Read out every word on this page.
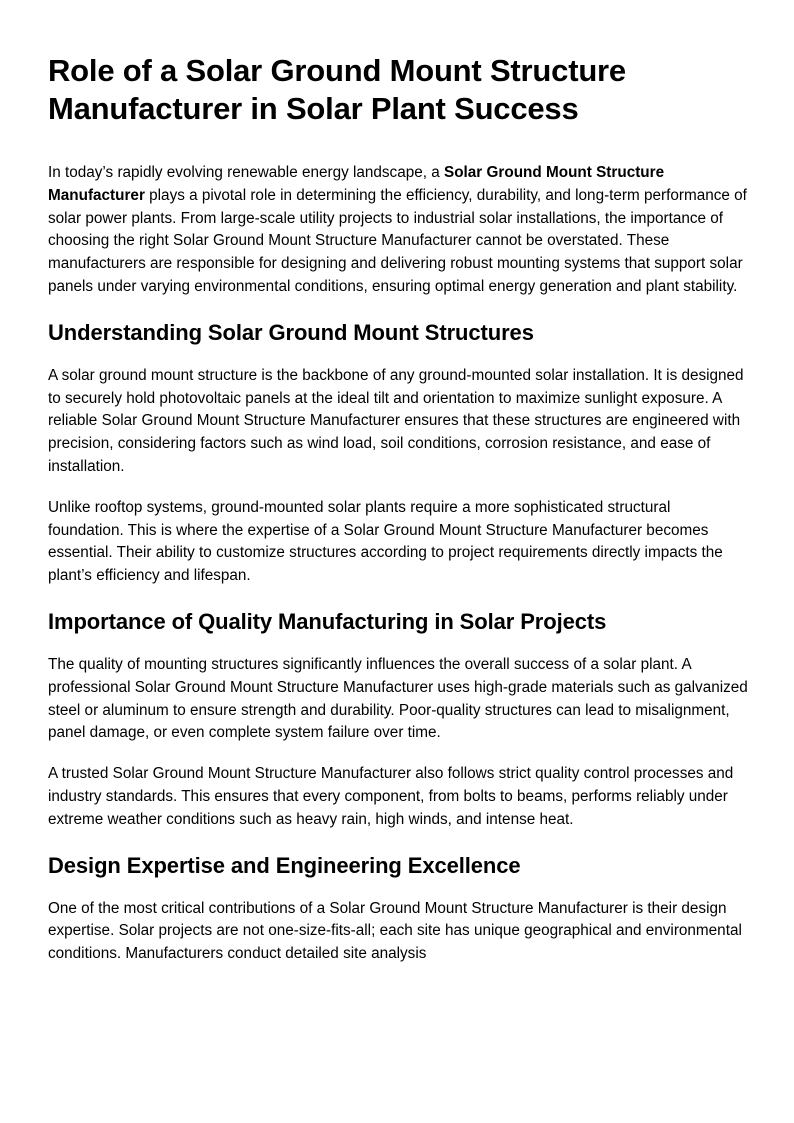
Role of a Solar Ground Mount Structure Manufacturer in Solar Plant Success

In today’s rapidly evolving renewable energy landscape, a Solar Ground Mount Structure Manufacturer plays a pivotal role in determining the efficiency, durability, and long-term performance of solar power plants. From large-scale utility projects to industrial solar installations, the importance of choosing the right Solar Ground Mount Structure Manufacturer cannot be overstated. These manufacturers are responsible for designing and delivering robust mounting systems that support solar panels under varying environmental conditions, ensuring optimal energy generation and plant stability.

Understanding Solar Ground Mount Structures

A solar ground mount structure is the backbone of any ground-mounted solar installation. It is designed to securely hold photovoltaic panels at the ideal tilt and orientation to maximize sunlight exposure. A reliable Solar Ground Mount Structure Manufacturer ensures that these structures are engineered with precision, considering factors such as wind load, soil conditions, corrosion resistance, and ease of installation.

Unlike rooftop systems, ground-mounted solar plants require a more sophisticated structural foundation. This is where the expertise of a Solar Ground Mount Structure Manufacturer becomes essential. Their ability to customize structures according to project requirements directly impacts the plant’s efficiency and lifespan.

Importance of Quality Manufacturing in Solar Projects

The quality of mounting structures significantly influences the overall success of a solar plant. A professional Solar Ground Mount Structure Manufacturer uses high-grade materials such as galvanized steel or aluminum to ensure strength and durability. Poor-quality structures can lead to misalignment, panel damage, or even complete system failure over time.

A trusted Solar Ground Mount Structure Manufacturer also follows strict quality control processes and industry standards. This ensures that every component, from bolts to beams, performs reliably under extreme weather conditions such as heavy rain, high winds, and intense heat.

Design Expertise and Engineering Excellence

One of the most critical contributions of a Solar Ground Mount Structure Manufacturer is their design expertise. Solar projects are not one-size-fits-all; each site has unique geographical and environmental conditions. Manufacturers conduct detailed site analysis
